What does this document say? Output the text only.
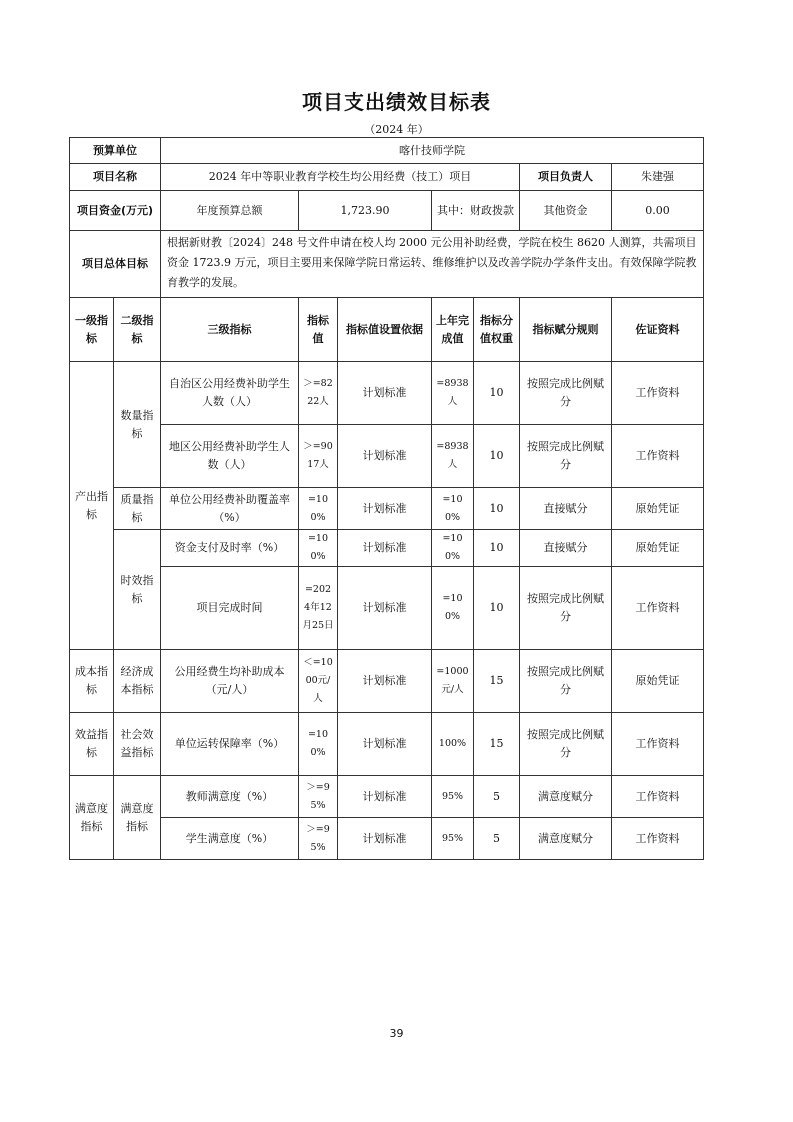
项目支出绩效目标表
（2024 年）
预算单位		喀什技师学院						
项目名称		2024 年中等职业教育学校生均公用经费（技工）项目					项目负责人	朱建强
项目资金(万元)		年度预算总额	1,723.90		其中：财政拨款		其他资金	0.00
项目总体目标		根据新财教〔2024〕248 号文件申请在校人均 2000 元公用补助经费，学院在校生 8620 人测算，共需项目资金 1723.9 万元，项目主要用来保障学院日常运转、维修维护以及改善学院办学条件支出。有效保障学院教育教学的发展。						
一级指标	二级指标	三级指标	指标值	指标值设置依据	上年完成值	指标分值权重	指标赋分规则	佐证资料
产出指标	数量指标	自治区公用经费补助学生人数（人）	＞=8222人	计划标准	=8938人	10	按照完成比例赋分	工作资料
		地区公用经费补助学生人数（人）	＞=9017人	计划标准	=8938人	10	按照完成比例赋分	工作资料
	质量指标	单位公用经费补助覆盖率（%）	=100%	计划标准	=100%	10	直接赋分	原始凭证
	时效指标	资金支付及时率（%）	=100%	计划标准	=100%	10	直接赋分	原始凭证
		项目完成时间	=2024年12月25日	计划标准	=100%	10	按照完成比例赋分	工作资料
成本指标	经济成本指标	公用经费生均补助成本（元/人）	＜=1000元/人	计划标准	=1000元/人	15	按照完成比例赋分	原始凭证
效益指标	社会效益指标	单位运转保障率（%）	=100%	计划标准	100%	15	按照完成比例赋分	工作资料
满意度指标	满意度指标	教师满意度（%）	＞=95%	计划标准	95%	5	满意度赋分	工作资料
		学生满意度（%）	＞=95%	计划标准	95%	5	满意度赋分	工作资料
39
